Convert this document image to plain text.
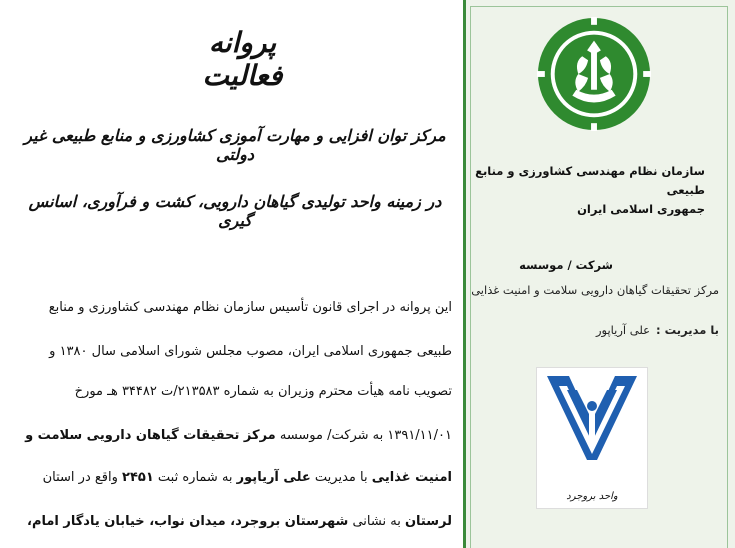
سازمان نظام مهندسی کشاورزی و منابع طبیعی
جمهوری اسلامی ایران
شرکت / موسسه
مرکز تحقیقات گیاهان دارویی سلامت و امنیت غذایی
با مدیریت :علی آریاپور
واحد بروجرد
پروانه فعالیت
مرکز توان افزایی و مهارت آموزی کشاورزی و منابع طبیعی غیر دولتی
در زمینه واحد تولیدی گیاهان دارویی، کشت و فرآوری، اسانس گیری
این پروانه در اجرای قانون تأسیس سازمان نظام مهندسی کشاورزی و منابع
طبیعی جمهوری اسلامی ایران، مصوب مجلس شورای اسلامی سال ۱۳۸۰ و
تصویب نامه هیأت محترم وزیران به شماره ۲۱۳۵۸۳/ت ۳۴۴۸۲ هـ مورخ
۱۳۹۱/۱۱/۰۱ به شرکت/ موسسه مرکز تحقیقات گیاهان دارویی سلامت و
امنیت غذایی با مدیریت علی آریاپور به شماره ثبت ۲۴۵۱ واقع در استان
لرستان به نشانی شهرستان بروجرد، میدان نواب، خیابان یادگار امام،
